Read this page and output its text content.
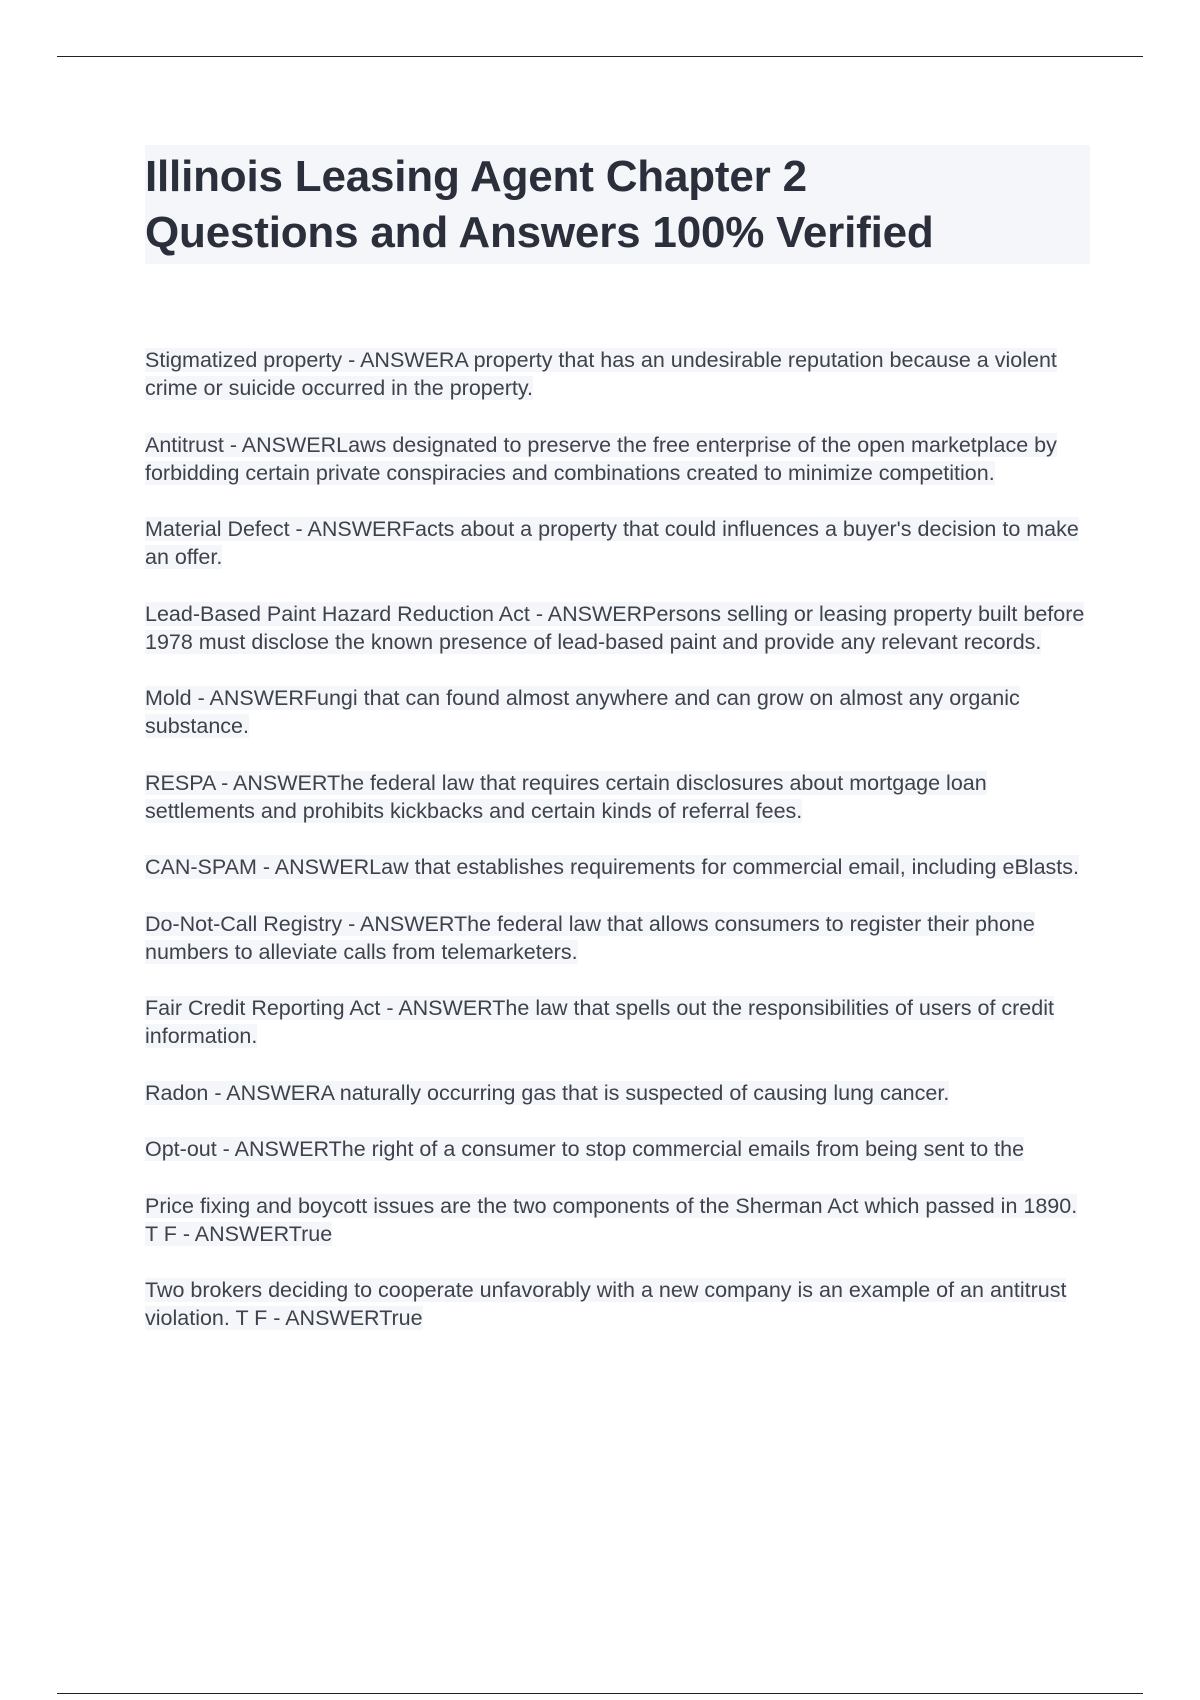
Illinois Leasing Agent Chapter 2
Questions and Answers 100% Verified

Stigmatized property - ANSWERA property that has an undesirable reputation because a violent crime or suicide occurred in the property.

Antitrust - ANSWERLaws designated to preserve the free enterprise of the open marketplace by forbidding certain private conspiracies and combinations created to minimize competition.

Material Defect - ANSWERFacts about a property that could influences a buyer's decision to make an offer.

Lead-Based Paint Hazard Reduction Act - ANSWERPersons selling or leasing property built before 1978 must disclose the known presence of lead-based paint and provide any relevant records.

Mold - ANSWERFungi that can found almost anywhere and can grow on almost any organic substance.

RESPA - ANSWERThe federal law that requires certain disclosures about mortgage loan settlements and prohibits kickbacks and certain kinds of referral fees.

CAN-SPAM - ANSWERLaw that establishes requirements for commercial email, including eBlasts.

Do-Not-Call Registry - ANSWERThe federal law that allows consumers to register their phone numbers to alleviate calls from telemarketers.

Fair Credit Reporting Act - ANSWERThe law that spells out the responsibilities of users of credit information.

Radon - ANSWERA naturally occurring gas that is suspected of causing lung cancer.

Opt-out - ANSWERThe right of a consumer to stop commercial emails from being sent to the

Price fixing and boycott issues are the two components of the Sherman Act which passed in 1890. T F - ANSWERTrue

Two brokers deciding to cooperate unfavorably with a new company is an example of an antitrust violation. T F - ANSWERTrue
